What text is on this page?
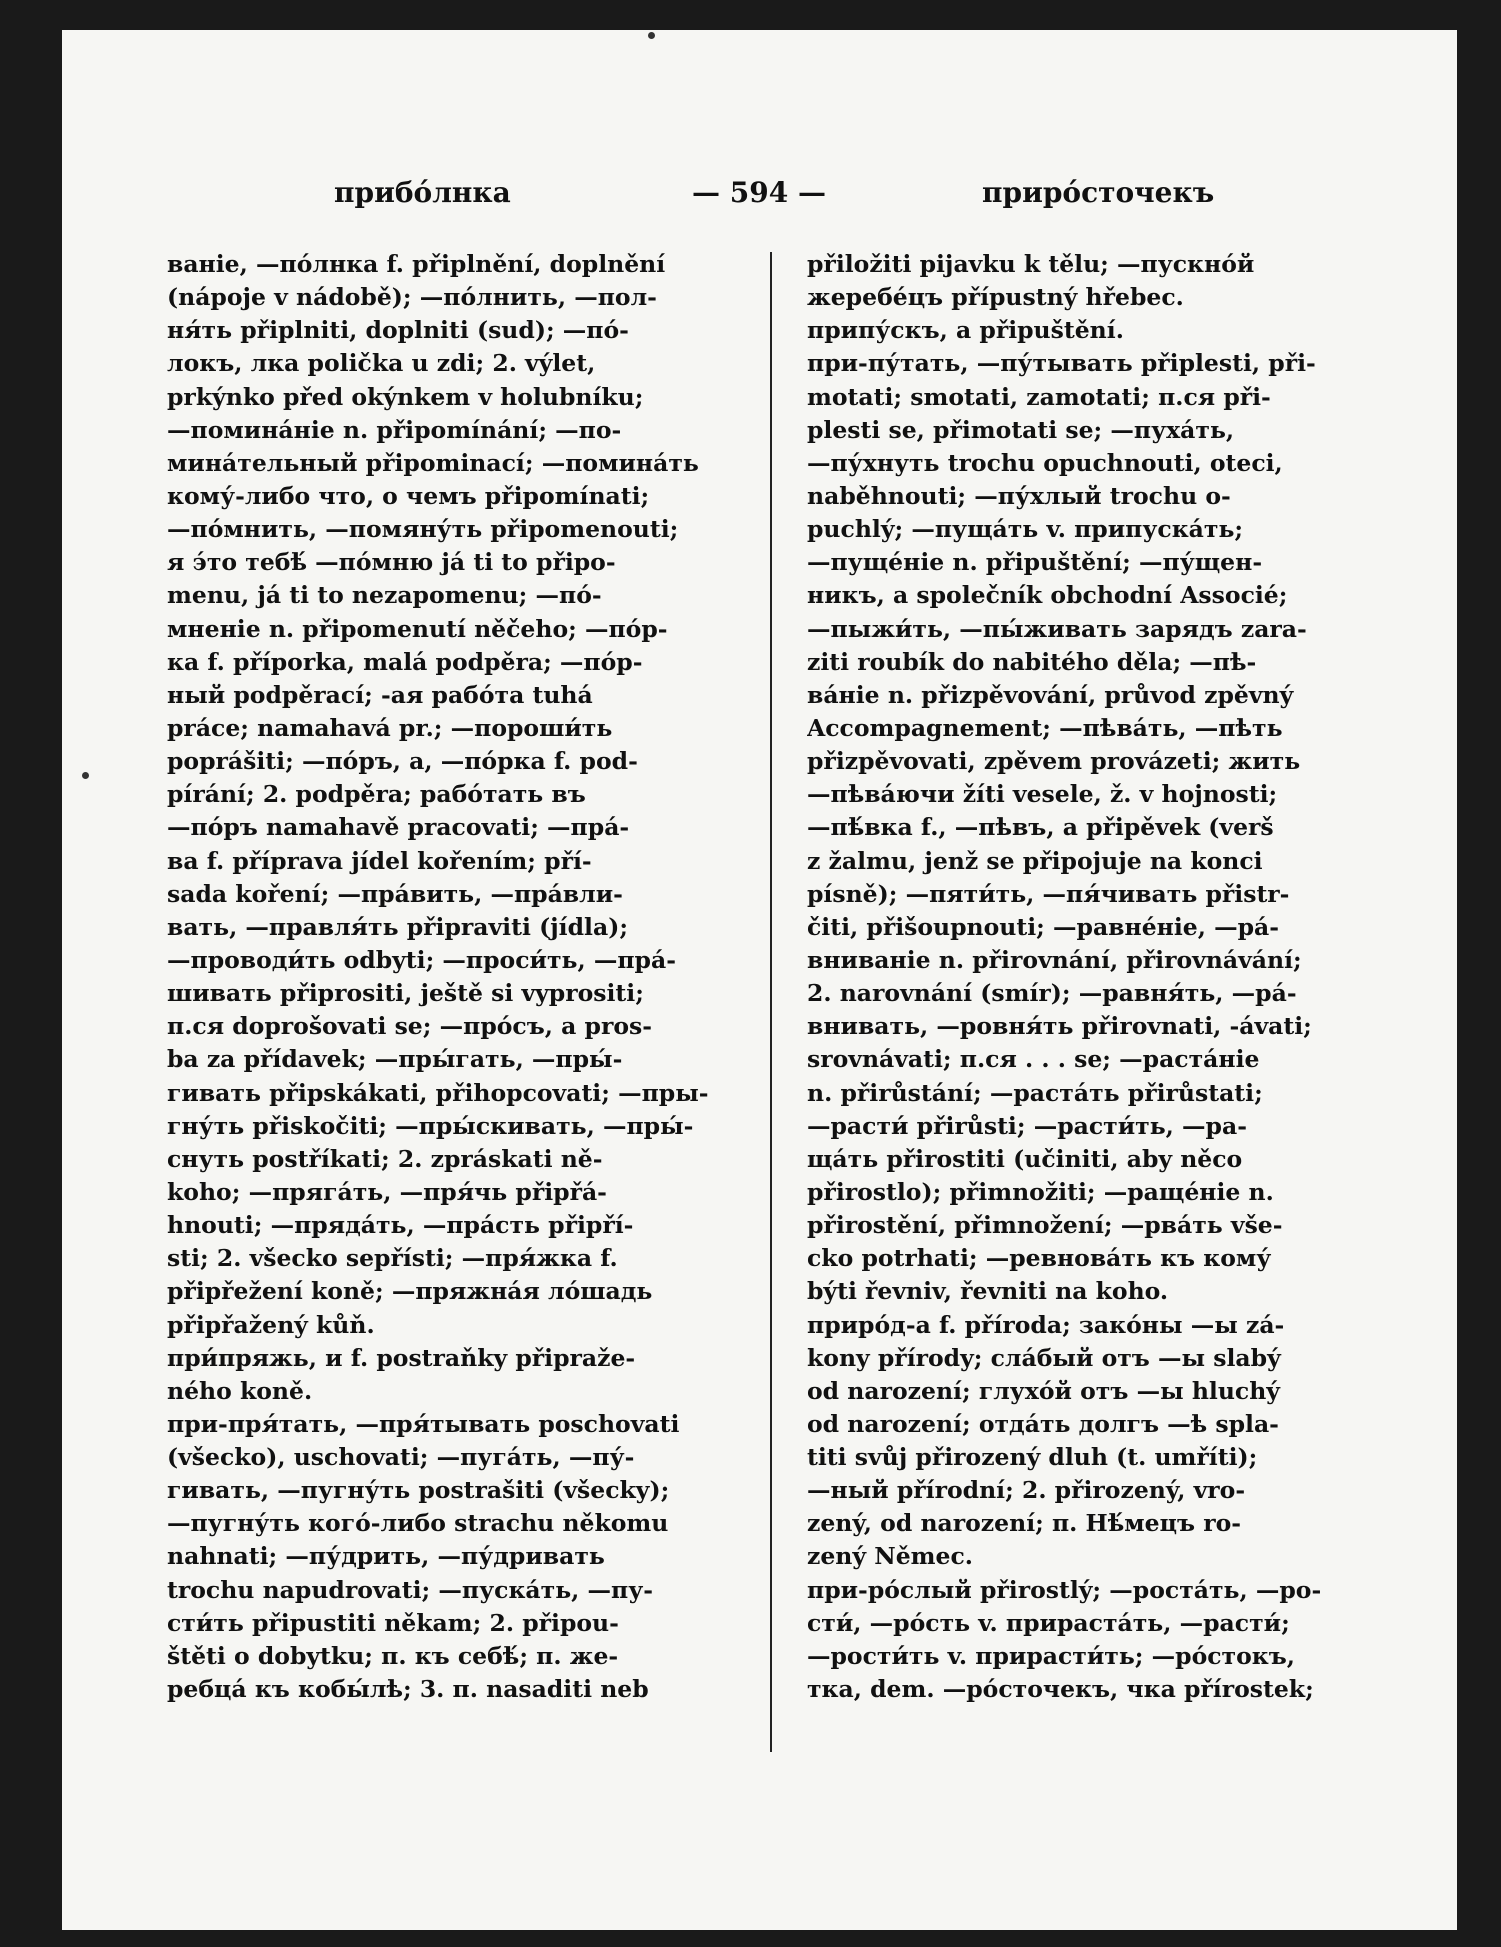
прибо́лнка	— 594 —	приро́сточекъ
ванie, —по́лнка f. připlnění, doplnění
(nápoje v nádobě); —по́лнить, —пол-
ня́ть připlniti, doplniti (sud); —по́-
локъ, лка polička u zdi; 2. výlet,
prkýnko před okýnkem v holubníku;
—поминáнie n. připomínání; —по-
минáтельный připominací; —поминáть
кому́-либо что, о чемъ připomínati;
—по́мнить, —помяну́ть připomenouti;
я э́то тебѣ́ —по́мню já ti to připo-
menu, já ti to nezapomenu; —по́-
мненie n. připomenutí něčeho; —по́р-
ка f. příporka, malá podpěra; —по́р-
ный podpěrací; -ая рабо́та tuhá
práce; namahavá pr.; —пороши́ть
poprášiti; —по́ръ, а, —по́рка f. pod-
pírání; 2. podpěra; рабо́тать въ
—по́ръ namahavě pracovati; —прá-
ва f. příprava jídel kořením; pří-
sada koření; —прáвить, —прáвли-
вать, —правля́ть připraviti (jídla);
—проводи́ть odbyti; —проси́ть, —прá-
шивать připrositi, ještě si vyprositi;
п.ся doprošovati se; —про́съ, а pros-
ba za přídavek; —пры́гать, —пры́-
гивать připskákati, přihopcovati; —пры-
гну́ть přiskočiti; —пры́скивать, —пры́-
снуть postříkati; 2. zpráskati ně-
koho; —прягáть, —пря́чь připřá-
hnouti; —прядáть, —прáсть připří-
sti; 2. všecko sepřísti; —пря́жка f.
připřežení koně; —пряжнáя ло́шадь
připřažený kůň.
при́пряжь, и f. postraňky připraže-
ného koně.
при-пря́тать, —пря́тывать poschovati
(všecko), uschovati; —пугáть, —пу́-
гивать, —пугну́ть postrašiti (všecky);
—пугну́ть кого́-либо strachu někomu
nahnati; —пу́дрить, —пу́дривать
trochu napudrovati; —пускáть, —пу-
сти́ть připustiti někam; 2. připou-
štěti o dobytku; п. къ себѣ́; п. же-
ребцá къ кобы́лѣ; 3. п. nasaditi neb
přiložiti pijavku k tělu; —пускно́й
жеребе́цъ přípustný hřebec.
припу́скъ, а připuštění.
при-пу́тать, —пу́тывать připlesti, při-
motati; smotati, zamotati; п.ся při-
plesti se, přimotati se; —пухáть,
—пу́хнуть trochu opuchnouti, oteci,
naběhnouti; —пу́хлый trochu o-
puchlý; —пущáть v. припускáть;
—пущéнie n. připuštění; —пу́щен-
никъ, а společník obchodní Associé;
—пыжи́ть, —пы́живать зарядъ zara-
ziti roubík do nabitého děla; —пѣ-
вáнie n. přizpěvování, průvod zpěvný
Accompagnement; —пѣвáть, —пѣть
přizpěvovati, zpěvem provázeti; жить
—пѣвáючи žíti vesele, ž. v hojnosti;
—пѣ́вка f., —пѣвъ, а připěvek (verš
z žalmu, jenž se připojuje na konci
písně); —пяти́ть, —пя́чивать přistr-
čiti, přišoupnouti; —равнéнie, —рá-
вниванie n. přirovnání, přirovnávání;
2. narovnání (smír); —равня́ть, —рá-
внивать, —ровня́ть přirovnati, -ávati;
srovnávati; п.ся . . . se; —растáнie
n. přirůstání; —растáть přirůstati;
—расти́ přirůsti; —расти́ть, —ра-
щáть přirostiti (učiniti, aby něco
přirostlo); přimnožiti; —ращéнie n.
přirostění, přimnožení; —рвáть vše-
cko potrhati; —ревновáть къ кому́
býti řevniv, řevniti na koho.
приро́д-а f. příroda; зако́ны —ы zá-
kony přírody; слáбый отъ —ы slabý
od narození; глухо́й отъ —ы hluchý
od narození; отдáть долгъ —ѣ spla-
titi svůj přirozený dluh (t. umříti);
—ный přírodní; 2. přirozený, vro-
zený, od narození; п. Нѣ́мецъ ro-
zený Němec.
при-ро́слый přirostlý; —ростáть, —ро-
сти́, —ро́сть v. прирастáть, —расти́;
—рости́ть v. прирасти́ть; —ро́стокъ,
тка, dem. —ро́сточекъ, чка přírostek;
